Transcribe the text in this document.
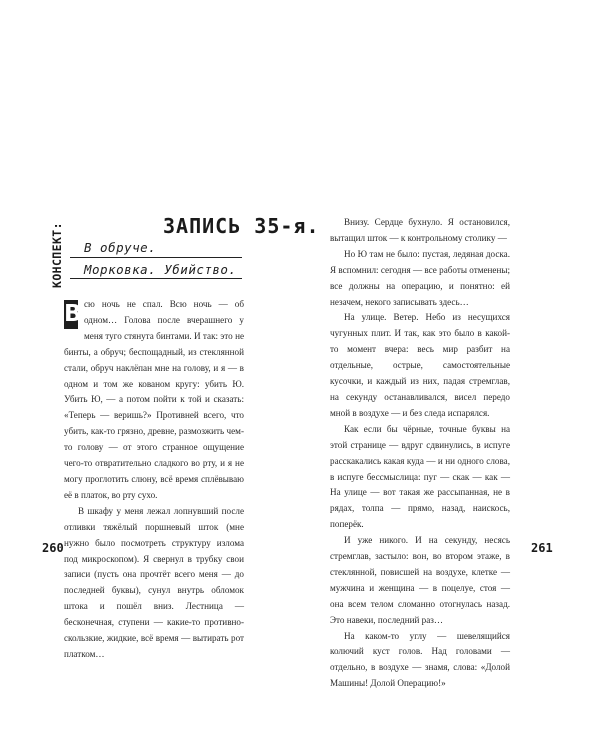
КОНСПЕКТ:	ЗАПИСЬ 35-я.
В обруче.
Морковка. Убийство.

В сю ночь не спал. Всю ночь — об одном… Голова после вчерашнего у меня туго стянута бинтами. И так: это не бинты, а обруч; беспощадный, из стеклянной стали, обруч наклёпан мне на голову, и я — в одном и том же кованом кругу: убить Ю. Убить Ю, — а потом пойти к той и сказать: «Теперь — веришь?» Противней всего, что убить, как-то грязно, древне, размозжить чем-то голову — от этого странное ощущение чего-то отвратительно сладкого во рту, и я не могу проглотить слюну, всё время сплёвываю её в платок, во рту сухо.

В шкафу у меня лежал лопнувший после отливки тяжёлый поршневый шток (мне нужно было посмотреть структуру излома под микроскопом). Я свернул в трубку свои записи (пусть она прочтёт всего меня — до последней буквы), сунул внутрь обломок штока и пошёл вниз. Лестница — бесконечная, ступени — какие-то противно-скользкие, жидкие, всё время — вытирать рот платком…

260

Внизу. Сердце бухнуло. Я остановился, вытащил шток — к контрольному столику —

Но Ю там не было: пустая, ледяная доска. Я вспомнил: сегодня — все работы отменены; все должны на операцию, и понятно: ей незачем, некого записывать здесь…

На улице. Ветер. Небо из несущихся чугунных плит. И так, как это было в какой-то момент вчера: весь мир разбит на отдельные, острые, самостоятельные кусочки, и каждый из них, падая стремглав, на секунду останавливался, висел передо мной в воздухе — и без следа испарялся.

Как если бы чёрные, точные буквы на этой странице — вдруг сдвинулись, в испуге расскакались какая куда — и ни одного слова, в испуге бессмыслица: пуг — скак — как — На улице — вот такая же рассыпанная, не в рядах, толпа — прямо, назад, наискось, поперёк.

И уже никого. И на секунду, несясь стремглав, застыло: вон, во втором этаже, в стеклянной, повисшей на воздухе, клетке — мужчина и женщина — в поцелуе, стоя — она всем телом сломанно отогнулась назад. Это навеки, последний раз…

На каком-то углу — шевелящийся колючий куст голов. Над головами — отдельно, в воздухе — знамя, слова: «Долой Машины! Долой Операцию!»

261
